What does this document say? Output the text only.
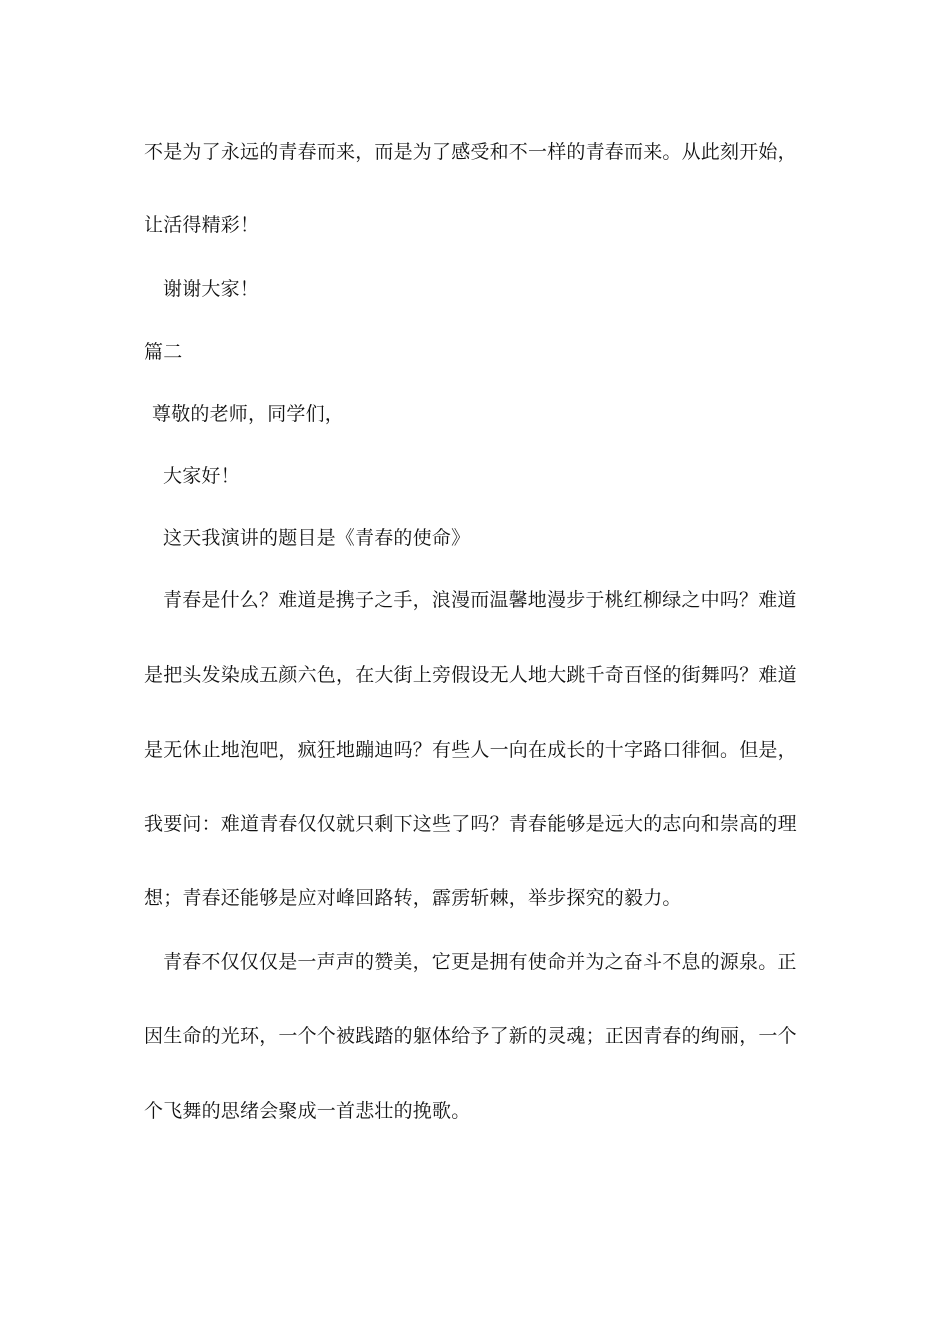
不是为了永远的青春而来，而是为了感受和不一样的青春而来。从此刻开始，
让活得精彩！
谢谢大家！
篇二
尊敬的老师，同学们，
大家好！
这天我演讲的题目是《青春的使命》
青春是什么？难道是携子之手，浪漫而温馨地漫步于桃红柳绿之中吗？难道
是把头发染成五颜六色，在大街上旁假设无人地大跳千奇百怪的街舞吗？难道
是无休止地泡吧，疯狂地蹦迪吗？有些人一向在成长的十字路口徘徊。但是，
我要问：难道青春仅仅就只剩下这些了吗？青春能够是远大的志向和崇高的理
想；青春还能够是应对峰回路转，霹雳斩棘，举步探究的毅力。
青春不仅仅仅是一声声的赞美，它更是拥有使命并为之奋斗不息的源泉。正
因生命的光环，一个个被践踏的躯体给予了新的灵魂；正因青春的绚丽，一个
个飞舞的思绪会聚成一首悲壮的挽歌。
